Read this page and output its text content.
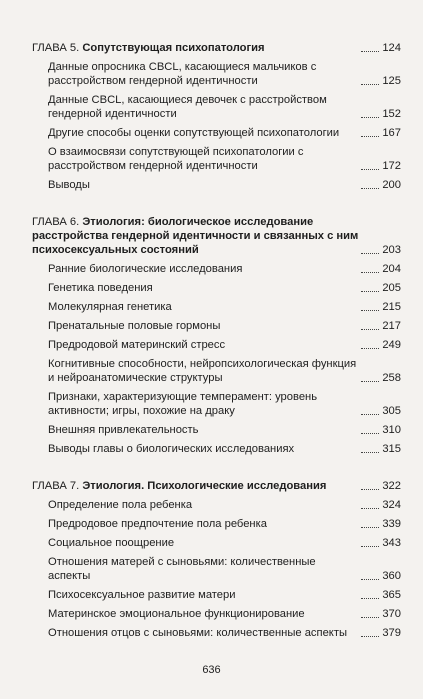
ГЛАВА 5. Сопутствующая психопатология	124
Данные опросника CBCL, касающиеся мальчиков с расстройством гендерной идентичности	125
Данные CBCL, касающиеся девочек с расстройством гендерной идентичности	152
Другие способы оценки сопутствующей психопатологии	167
О взаимосвязи сопутствующей психопатологии с расстройством гендерной идентичности	172
Выводы	200
ГЛАВА 6. Этиология: биологическое исследование расстройства гендерной идентичности и связанных с ним психосексуальных состояний	203
Ранние биологические исследования	204
Генетика поведения	205
Молекулярная генетика	215
Пренатальные половые гормоны	217
Предродовой материнский стресс	249
Когнитивные способности, нейропсихологическая функция и нейроанатомические структуры	258
Признаки, характеризующие темперамент: уровень активности; игры, похожие на драку	305
Внешняя привлекательность	310
Выводы главы о биологических исследованиях	315
ГЛАВА 7. Этиология. Психологические исследования	322
Определение пола ребенка	324
Предродовое предпочтение пола ребенка	339
Социальное поощрение	343
Отношения матерей с сыновьями: количественные аспекты	360
Психосексуальное развитие матери	365
Материнское эмоциональное функционирование	370
Отношения отцов с сыновьями: количественные аспекты	379
636
